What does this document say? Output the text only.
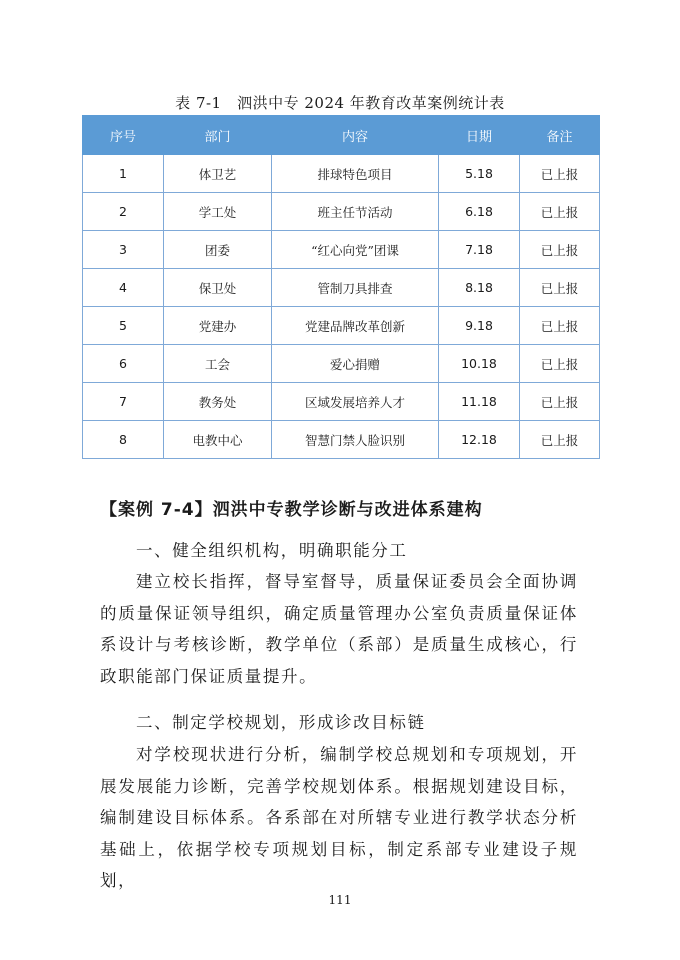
表 7-1　泗洪中专 2024 年教育改革案例统计表
序号	部门	内容	日期	备注
1	体卫艺	排球特色项目	5.18	已上报
2	学工处	班主任节活动	6.18	已上报
3	团委	“红心向党”团课	7.18	已上报
4	保卫处	管制刀具排查	8.18	已上报
5	党建办	党建品牌改革创新	9.18	已上报
6	工会	爱心捐赠	10.18	已上报
7	教务处	区域发展培养人才	11.18	已上报
8	电教中心	智慧门禁人脸识别	12.18	已上报
【案例 7-4】泗洪中专教学诊断与改进体系建构

一、健全组织机构，明确职能分工

建立校长指挥，督导室督导，质量保证委员会全面协调的质量保证领导组织，确定质量管理办公室负责质量保证体系设计与考核诊断，教学单位（系部）是质量生成核心，行政职能部门保证质量提升。

二、制定学校规划，形成诊改目标链

对学校现状进行分析，编制学校总规划和专项规划，开展发展能力诊断，完善学校规划体系。根据规划建设目标，编制建设目标体系。各系部在对所辖专业进行教学状态分析基础上，依据学校专项规划目标，制定系部专业建设子规划，

111
